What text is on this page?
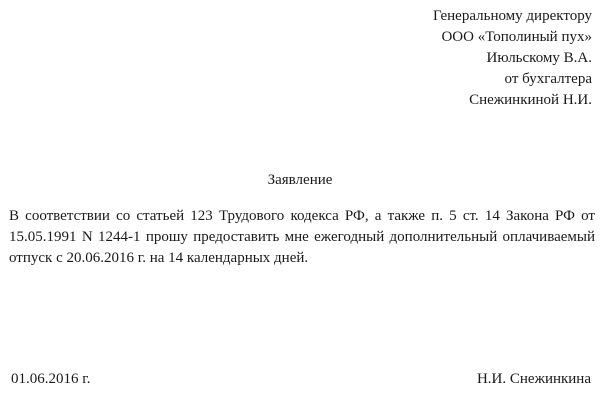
Генеральному директору
ООО «Тополиный пух»
Июльскому В.А.
от бухгалтера
Снежинкиной Н.И.
Заявление
В соответствии со статьей 123 Трудового кодекса РФ, а также п. 5 ст. 14 Закона РФ от
15.05.1991 N 1244-1 прошу предоставить мне ежегодный дополнительный оплачиваемый
отпуск с 20.06.2016 г. на 14 календарных дней.
01.06.2016 г.	Н.И. Снежинкина
